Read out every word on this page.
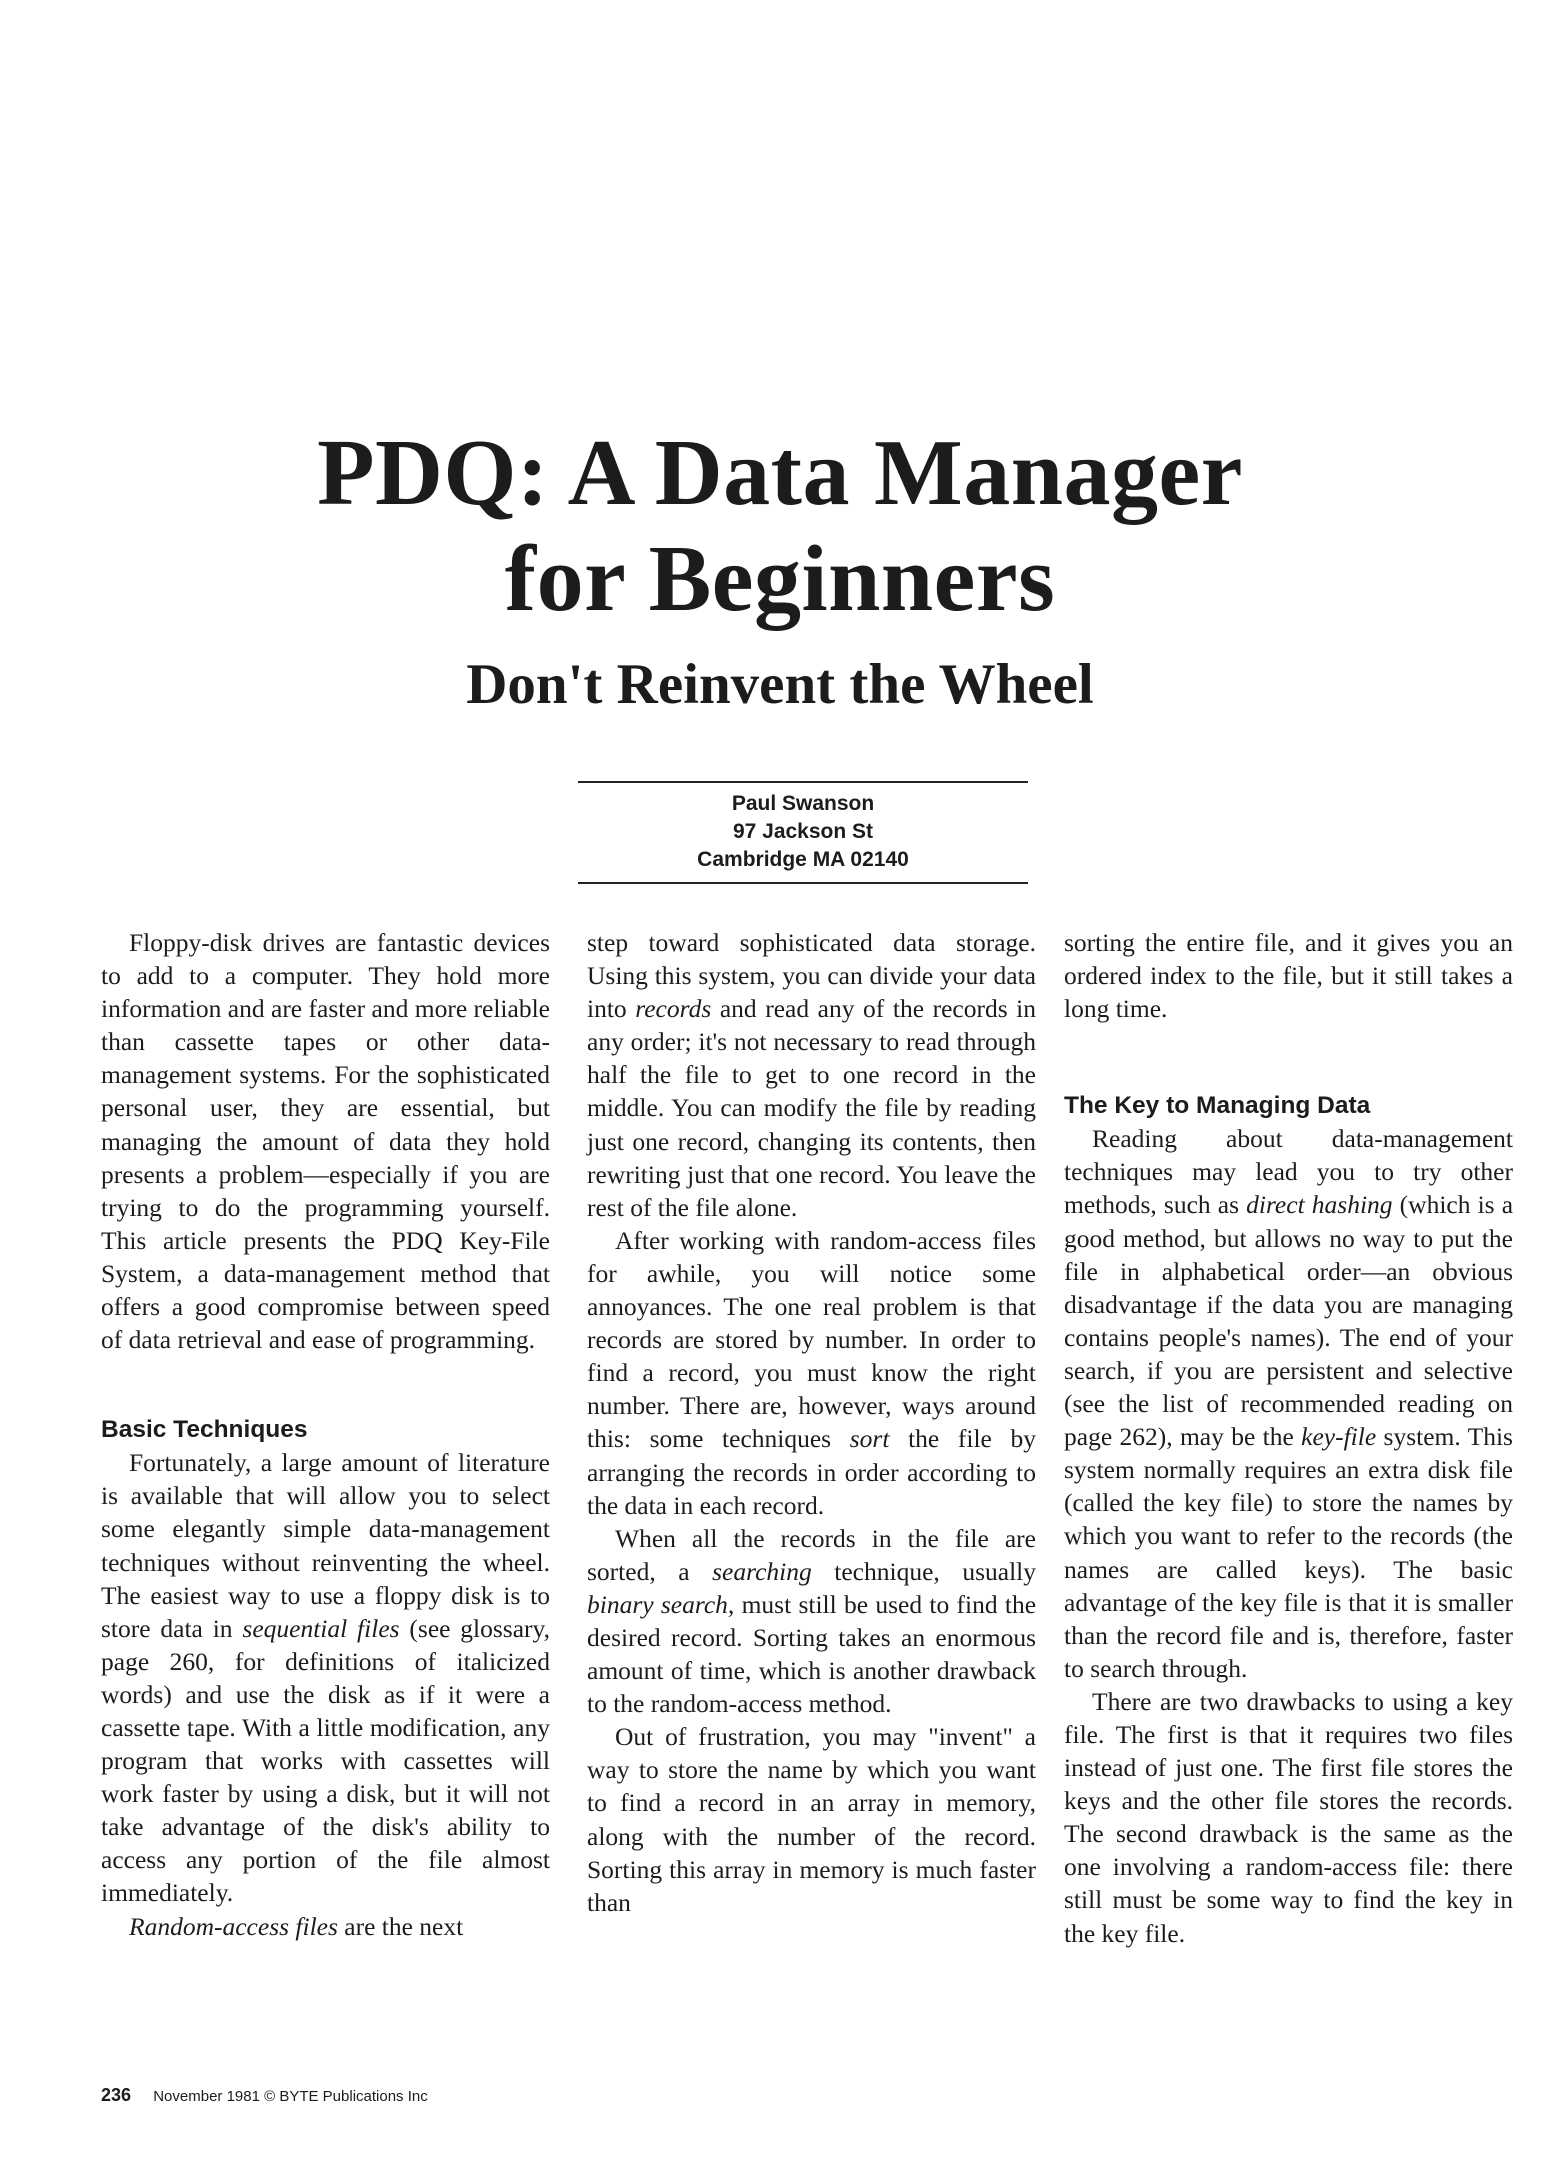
PDQ: A Data Manager
for Beginners
Don't Reinvent the Wheel
Paul Swanson
97 Jackson St
Cambridge MA 02140

Floppy-disk drives are fantastic devices to add to a computer. They hold more information and are faster and more reliable than cassette tapes or other data-management systems. For the sophisticated personal user, they are essential, but managing the amount of data they hold presents a problem—especially if you are trying to do the programming yourself. This article presents the PDQ Key-File System, a data-management method that offers a good compromise between speed of data retrieval and ease of programming.

Basic Techniques

Fortunately, a large amount of literature is available that will allow you to select some elegantly simple data-management techniques without reinventing the wheel. The easiest way to use a floppy disk is to store data in sequential files (see glossary, page 260, for definitions of italicized words) and use the disk as if it were a cassette tape. With a little modification, any program that works with cassettes will work faster by using a disk, but it will not take advantage of the disk's ability to access any portion of the file almost immediately.

Random-access files are the next

step toward sophisticated data storage. Using this system, you can divide your data into records and read any of the records in any order; it's not necessary to read through half the file to get to one record in the middle. You can modify the file by reading just one record, changing its contents, then rewriting just that one record. You leave the rest of the file alone.

After working with random-access files for awhile, you will notice some annoyances. The one real problem is that records are stored by number. In order to find a record, you must know the right number. There are, however, ways around this: some techniques sort the file by arranging the records in order according to the data in each record.

When all the records in the file are sorted, a searching technique, usually binary search, must still be used to find the desired record. Sorting takes an enormous amount of time, which is another drawback to the random-access method.

Out of frustration, you may "invent" a way to store the name by which you want to find a record in an array in memory, along with the number of the record. Sorting this array in memory is much faster than

sorting the entire file, and it gives you an ordered index to the file, but it still takes a long time.

The Key to Managing Data

Reading about data-management techniques may lead you to try other methods, such as direct hashing (which is a good method, but allows no way to put the file in alphabetical order—an obvious disadvantage if the data you are managing contains people's names). The end of your search, if you are persistent and selective (see the list of recommended reading on page 262), may be the key-file system. This system normally requires an extra disk file (called the key file) to store the names by which you want to refer to the records (the names are called keys). The basic advantage of the key file is that it is smaller than the record file and is, therefore, faster to search through.

There are two drawbacks to using a key file. The first is that it requires two files instead of just one. The first file stores the keys and the other file stores the records. The second drawback is the same as the one involving a random-access file: there still must be some way to find the key in the key file.

236 November 1981 © BYTE Publications Inc
